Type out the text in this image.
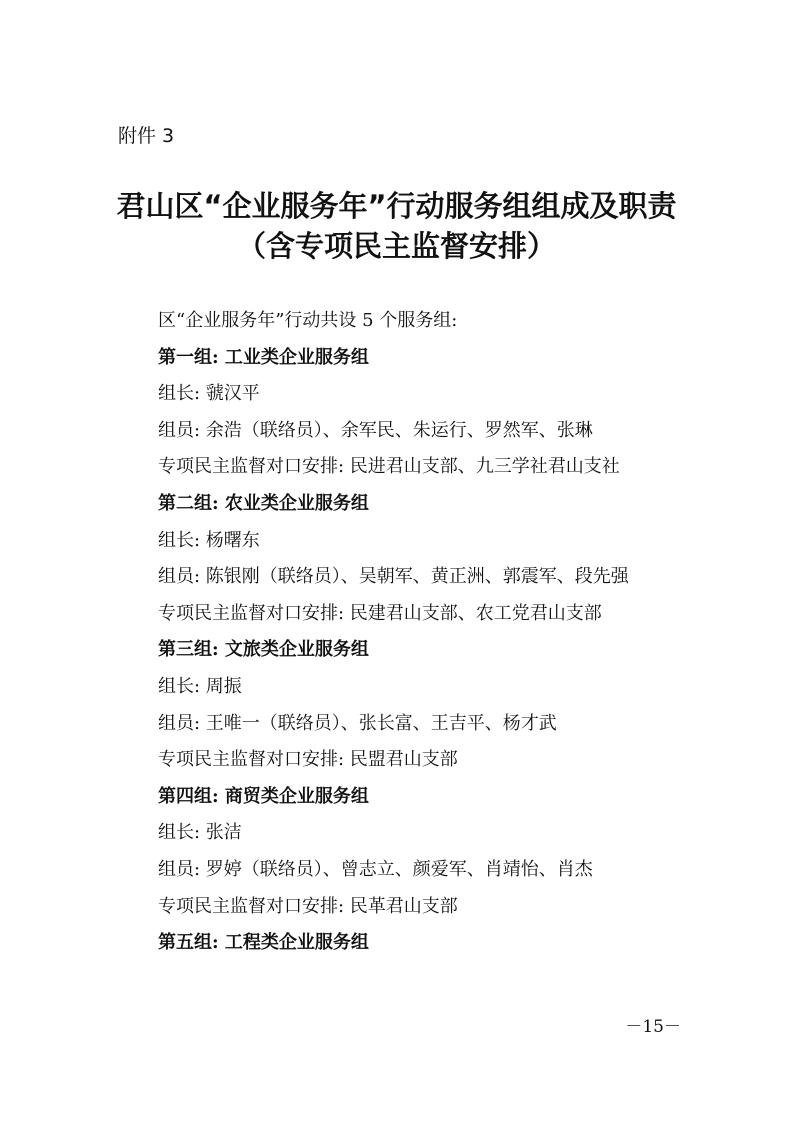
附件 3
君山区“企业服务年”行动服务组组成及职责
（含专项民主监督安排）

区“企业服务年”行动共设 5 个服务组:

第一组: 工业类企业服务组

组长: 虢汉平

组员: 余浩（联络员）、余军民、朱运行、罗然军、张琳

专项民主监督对口安排: 民进君山支部、九三学社君山支社

第二组: 农业类企业服务组

组长: 杨曙东

组员: 陈银刚（联络员）、吴朝军、黄正洲、郭震军、段先强

专项民主监督对口安排: 民建君山支部、农工党君山支部

第三组: 文旅类企业服务组

组长: 周振

组员: 王唯一（联络员）、张长富、王吉平、杨才武

专项民主监督对口安排: 民盟君山支部

第四组: 商贸类企业服务组

组长: 张洁

组员: 罗婷（联络员）、曾志立、颜爱军、肖靖怡、肖杰

专项民主监督对口安排: 民革君山支部

第五组: 工程类企业服务组

－15－
